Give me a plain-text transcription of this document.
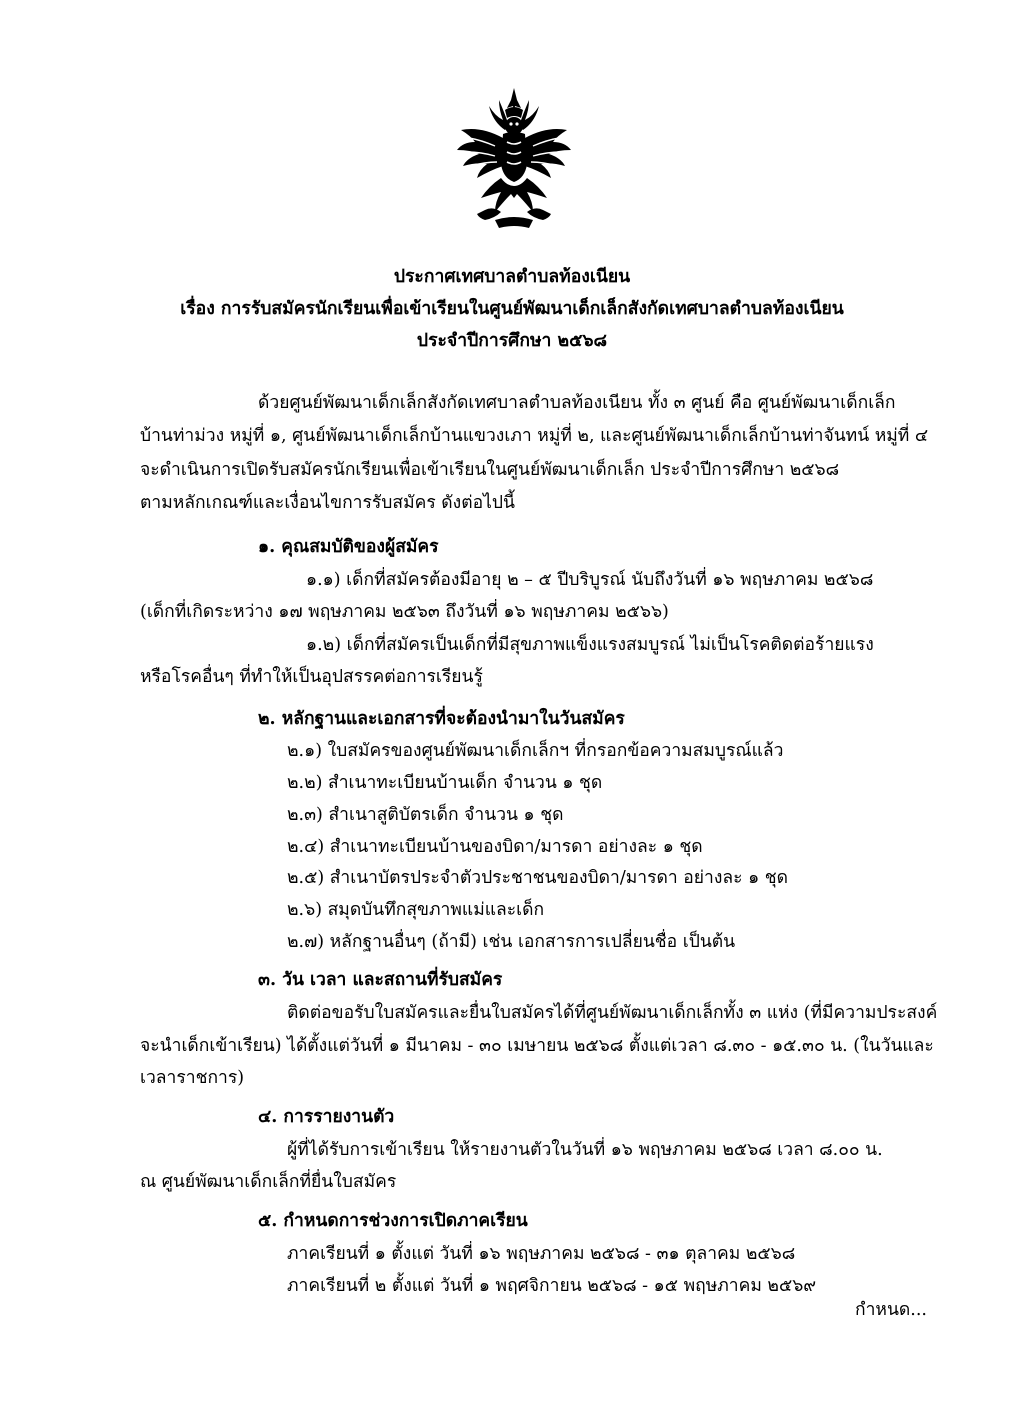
ประกาศเทศบาลตำบลท้องเนียน
เรื่อง การรับสมัครนักเรียนเพื่อเข้าเรียนในศูนย์พัฒนาเด็กเล็กสังกัดเทศบาลตำบลท้องเนียน
ประจำปีการศึกษา ๒๕๖๘
ด้วยศูนย์พัฒนาเด็กเล็กสังกัดเทศบาลตำบลท้องเนียน ทั้ง ๓ ศูนย์ คือ ศูนย์พัฒนาเด็กเล็ก
บ้านท่าม่วง หมู่ที่ ๑, ศูนย์พัฒนาเด็กเล็กบ้านแขวงเภา หมู่ที่ ๒, และศูนย์พัฒนาเด็กเล็กบ้านท่าจันทน์ หมู่ที่ ๔
จะดำเนินการเปิดรับสมัครนักเรียนเพื่อเข้าเรียนในศูนย์พัฒนาเด็กเล็ก ประจำปีการศึกษา ๒๕๖๘
ตามหลักเกณฑ์และเงื่อนไขการรับสมัคร ดังต่อไปนี้
๑. คุณสมบัติของผู้สมัคร
๑.๑) เด็กที่สมัครต้องมีอายุ ๒ – ๕ ปีบริบูรณ์ นับถึงวันที่ ๑๖ พฤษภาคม ๒๕๖๘
(เด็กที่เกิดระหว่าง ๑๗ พฤษภาคม ๒๕๖๓ ถึงวันที่ ๑๖ พฤษภาคม ๒๕๖๖)
๑.๒) เด็กที่สมัครเป็นเด็กที่มีสุขภาพแข็งแรงสมบูรณ์ ไม่เป็นโรคติดต่อร้ายแรง
หรือโรคอื่นๆ ที่ทำให้เป็นอุปสรรคต่อการเรียนรู้
๒. หลักฐานและเอกสารที่จะต้องนำมาในวันสมัคร
๒.๑) ใบสมัครของศูนย์พัฒนาเด็กเล็กฯ ที่กรอกข้อความสมบูรณ์แล้ว
๒.๒) สำเนาทะเบียนบ้านเด็ก จำนวน ๑ ชุด
๒.๓) สำเนาสูติบัตรเด็ก จำนวน ๑ ชุด
๒.๔) สำเนาทะเบียนบ้านของบิดา/มารดา อย่างละ ๑ ชุด
๒.๕) สำเนาบัตรประจำตัวประชาชนของบิดา/มารดา อย่างละ ๑ ชุด
๒.๖) สมุดบันทึกสุขภาพแม่และเด็ก
๒.๗) หลักฐานอื่นๆ (ถ้ามี) เช่น เอกสารการเปลี่ยนชื่อ เป็นต้น
๓. วัน เวลา และสถานที่รับสมัคร
ติดต่อขอรับใบสมัครและยื่นใบสมัครได้ที่ศูนย์พัฒนาเด็กเล็กทั้ง ๓ แห่ง (ที่มีความประสงค์
จะนำเด็กเข้าเรียน) ได้ตั้งแต่วันที่ ๑ มีนาคม - ๓๐ เมษายน ๒๕๖๘ ตั้งแต่เวลา ๘.๓๐ - ๑๕.๓๐ น. (ในวันและ
เวลาราชการ)
๔. การรายงานตัว
ผู้ที่ได้รับการเข้าเรียน ให้รายงานตัวในวันที่ ๑๖ พฤษภาคม ๒๕๖๘ เวลา ๘.๐๐ น.
ณ ศูนย์พัฒนาเด็กเล็กที่ยื่นใบสมัคร
๕. กำหนดการช่วงการเปิดภาคเรียน
ภาคเรียนที่ ๑ ตั้งแต่ วันที่ ๑๖ พฤษภาคม ๒๕๖๘ - ๓๑ ตุลาคม ๒๕๖๘
ภาคเรียนที่ ๒ ตั้งแต่ วันที่ ๑ พฤศจิกายน ๒๕๖๘ - ๑๕ พฤษภาคม ๒๕๖๙
กำหนด...
